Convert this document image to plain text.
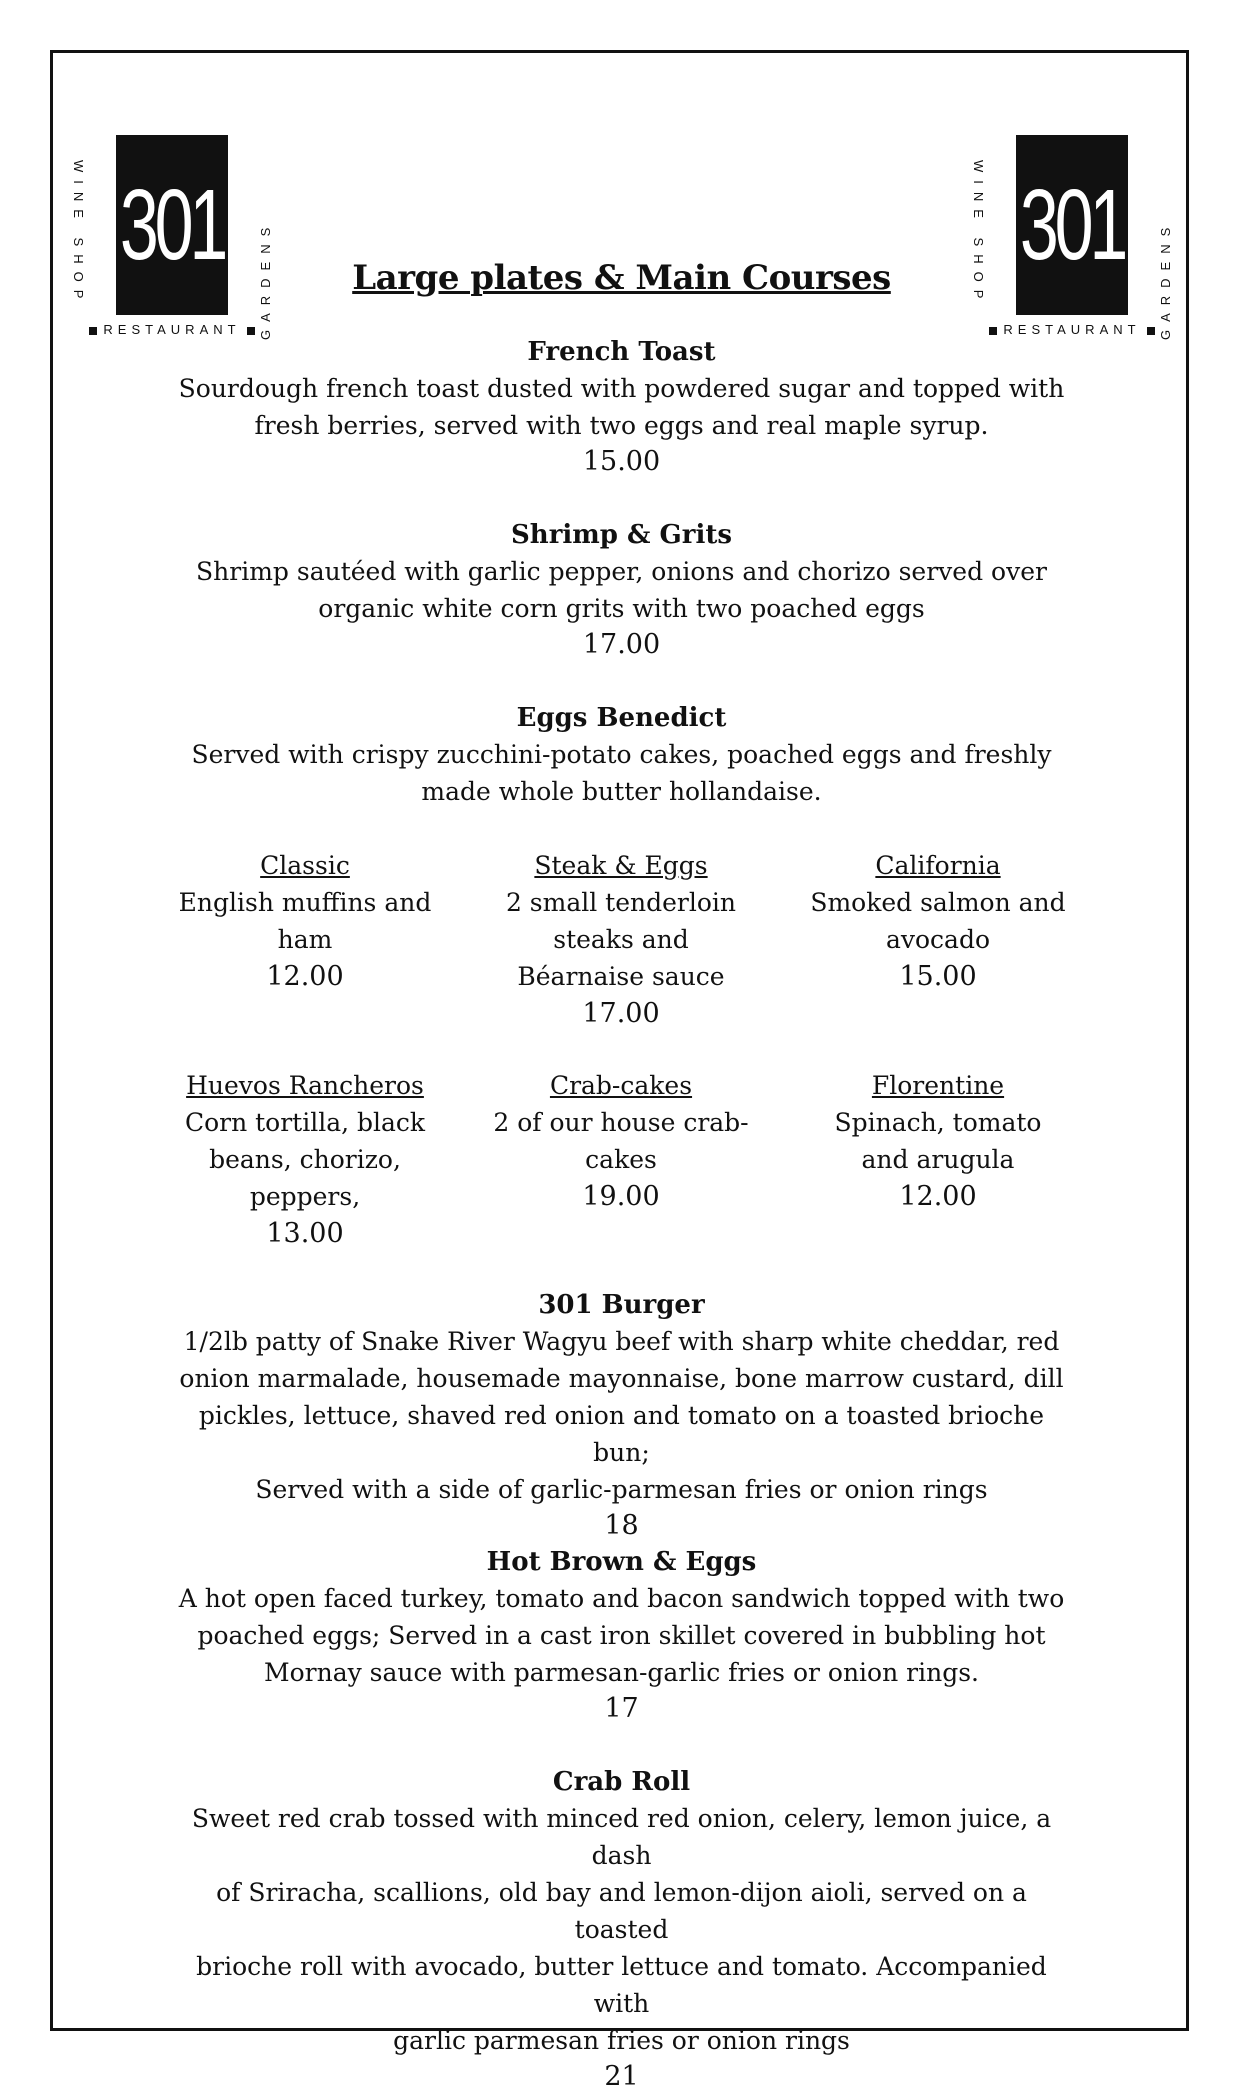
WINE SHOP 301	GARDENS
RESTAURANT
WINE SHOP 301	GARDENS
RESTAURANT
Large plates & Main Courses

French Toast

Sourdough french toast dusted with powdered sugar and topped with

fresh berries, served with two eggs and real maple syrup.

15.00

Shrimp & Grits

Shrimp sautéed with garlic pepper, onions and chorizo served over

organic white corn grits with two poached eggs

17.00

Eggs Benedict

Served with crispy zucchini-potato cakes, poached eggs and freshly

made whole butter hollandaise.

Classic
English muffins and
ham
12.00
Steak & Eggs
2 small tenderloin
steaks and
Béarnaise sauce
17.00
California
Smoked salmon and
avocado
15.00
Huevos Rancheros
Corn tortilla, black
beans, chorizo,
peppers,
13.00
Crab-cakes
2 of our house crab-
cakes
19.00
Florentine
Spinach, tomato
and arugula
12.00

301 Burger

1/2lb patty of Snake River Wagyu beef with sharp white cheddar, red

onion marmalade, housemade mayonnaise, bone marrow custard, dill

pickles, lettuce, shaved red onion and tomato on a toasted brioche bun;

Served with a side of garlic-parmesan fries or onion rings

18

Hot Brown & Eggs

A hot open faced turkey, tomato and bacon sandwich topped with two

poached eggs; Served in a cast iron skillet covered in bubbling hot

Mornay sauce with parmesan-garlic fries or onion rings.

17

Crab Roll

Sweet red crab tossed with minced red onion, celery, lemon juice, a dash

of Sriracha, scallions, old bay and lemon-dijon aioli, served on a toasted

brioche roll with avocado, butter lettuce and tomato. Accompanied with

garlic parmesan fries or onion rings

21
